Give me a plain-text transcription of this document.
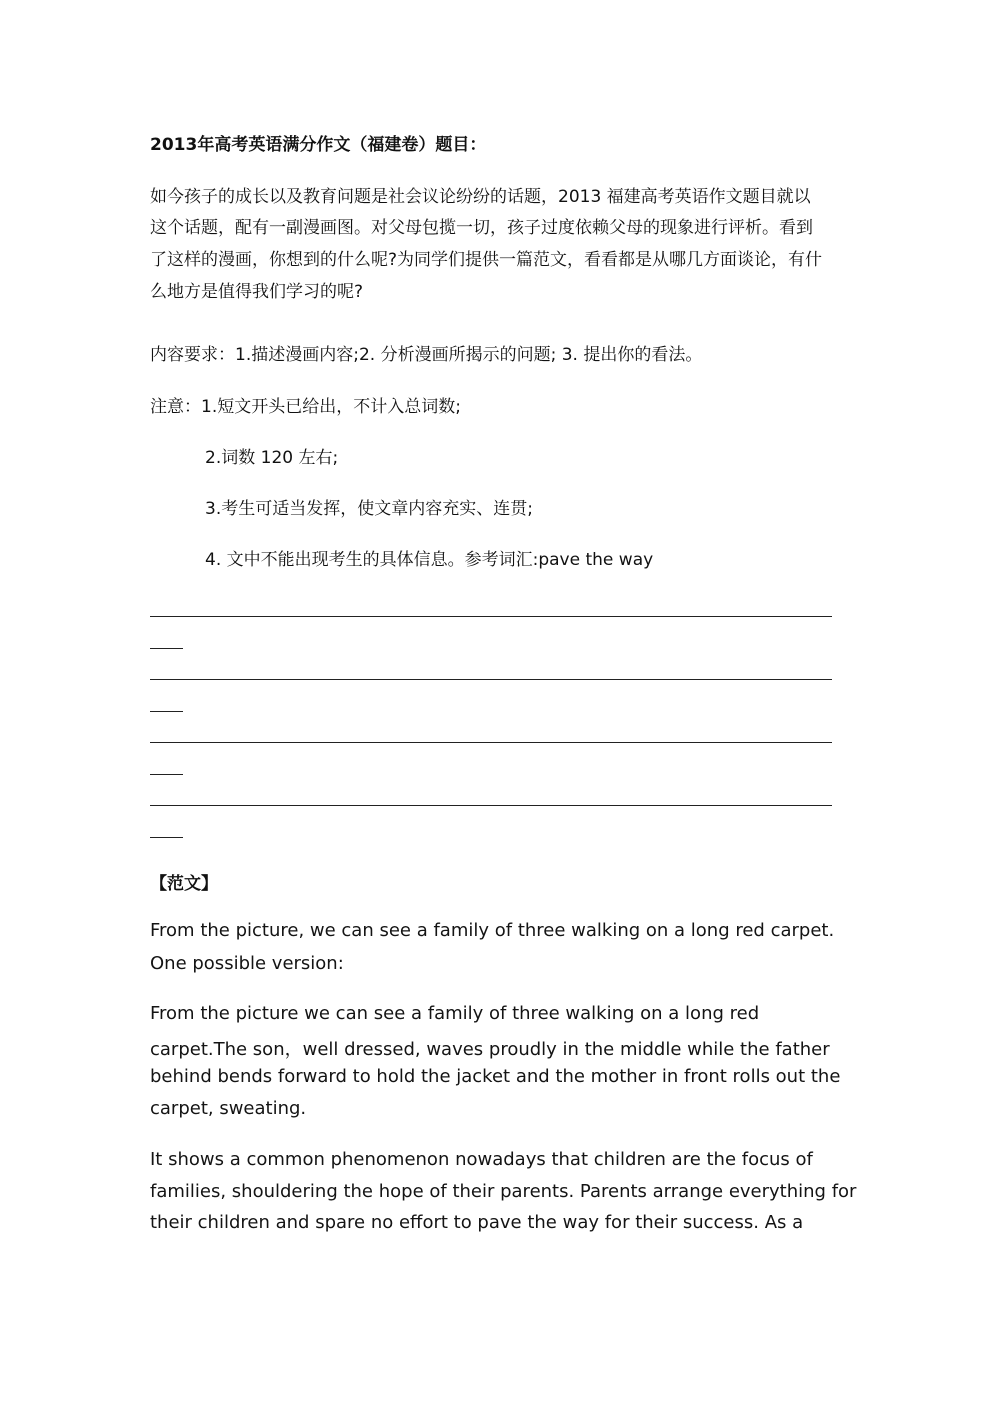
2013年高考英语满分作文（福建卷）题目：

如今孩子的成长以及教育问题是社会议论纷纷的话题，2013 福建高考英语作文题目就以

这个话题，配有一副漫画图。对父母包揽一切，孩子过度依赖父母的现象进行评析。看到

了这样的漫画，你想到的什么呢?为同学们提供一篇范文，看看都是从哪几方面谈论，有什

么地方是值得我们学习的呢?

内容要求：1.描述漫画内容;2. 分析漫画所揭示的问题; 3. 提出你的看法。

注意：1.短文开头已给出，不计入总词数;

2.词数 120 左右;

3.考生可适当发挥，使文章内容充实、连贯;

4. 文中不能出现考生的具体信息。参考词汇:pave the way

【范文】

From the picture, we can see a family of three walking on a long red carpet.

One possible version:

From the picture we can see a family of three walking on a long red

carpet.The son，well dressed, waves proudly in the middle while the father

behind bends forward to hold the jacket and the mother in front rolls out the

carpet, sweating.

It shows a common phenomenon nowadays that children are the focus of

families, shouldering the hope of their parents. Parents arrange everything for

their children and spare no effort to pave the way for their success. As a
